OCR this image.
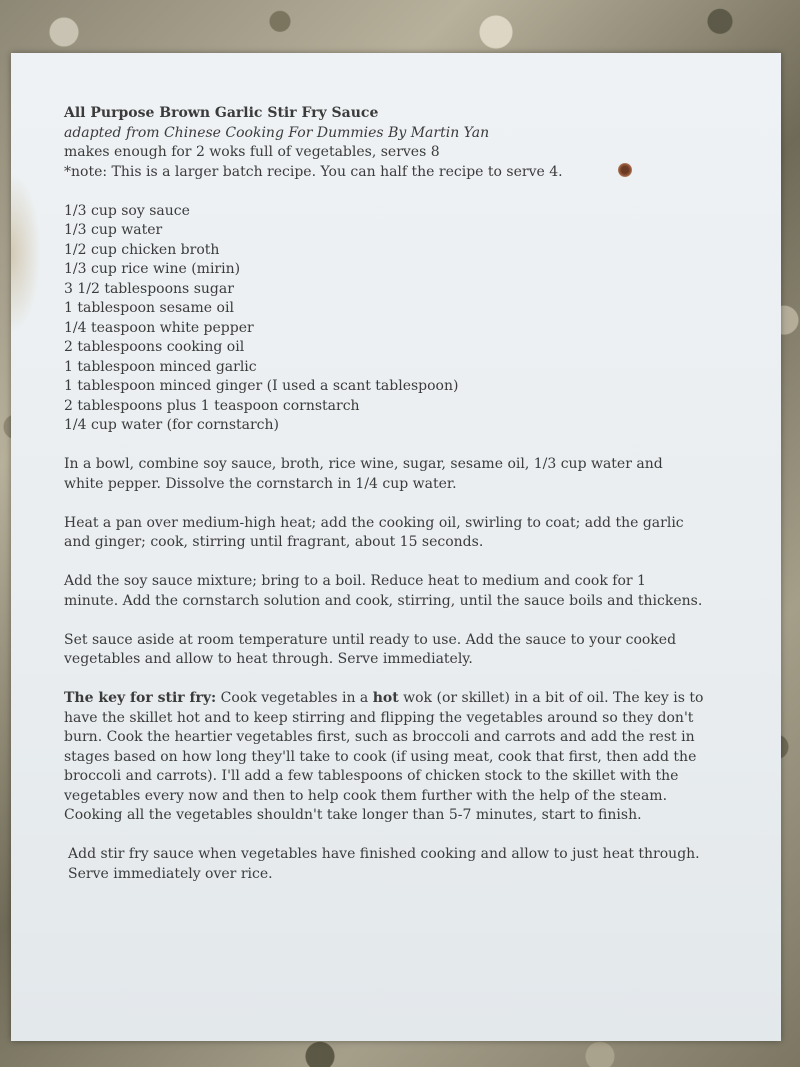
All Purpose Brown Garlic Stir Fry Sauce
adapted from Chinese Cooking For Dummies By Martin Yan
makes enough for 2 woks full of vegetables, serves 8
*note: This is a larger batch recipe. You can half the recipe to serve 4.
1/3 cup soy sauce
1/3 cup water
1/2 cup chicken broth
1/3 cup rice wine (mirin)
3 1/2 tablespoons sugar
1 tablespoon sesame oil
1/4 teaspoon white pepper
2 tablespoons cooking oil
1 tablespoon minced garlic
1 tablespoon minced ginger (I used a scant tablespoon)
2 tablespoons plus 1 teaspoon cornstarch
1/4 cup water (for cornstarch)

In a bowl, combine soy sauce, broth, rice wine, sugar, sesame oil, 1/3 cup water and white pepper. Dissolve the cornstarch in 1/4 cup water.

Heat a pan over medium-high heat; add the cooking oil, swirling to coat; add the garlic and ginger; cook, stirring until fragrant, about 15 seconds.

Add the soy sauce mixture; bring to a boil. Reduce heat to medium and cook for 1 minute. Add the cornstarch solution and cook, stirring, until the sauce boils and thickens.

Set sauce aside at room temperature until ready to use. Add the sauce to your cooked vegetables and allow to heat through. Serve immediately.

The key for stir fry: Cook vegetables in a hot wok (or skillet) in a bit of oil. The key is to have the skillet hot and to keep stirring and flipping the vegetables around so they don't burn. Cook the heartier vegetables first, such as broccoli and carrots and add the rest in stages based on how long they'll take to cook (if using meat, cook that first, then add the broccoli and carrots). I'll add a few tablespoons of chicken stock to the skillet with the vegetables every now and then to help cook them further with the help of the steam. Cooking all the vegetables shouldn't take longer than 5-7 minutes, start to finish.

Add stir fry sauce when vegetables have finished cooking and allow to just heat through. Serve immediately over rice.
